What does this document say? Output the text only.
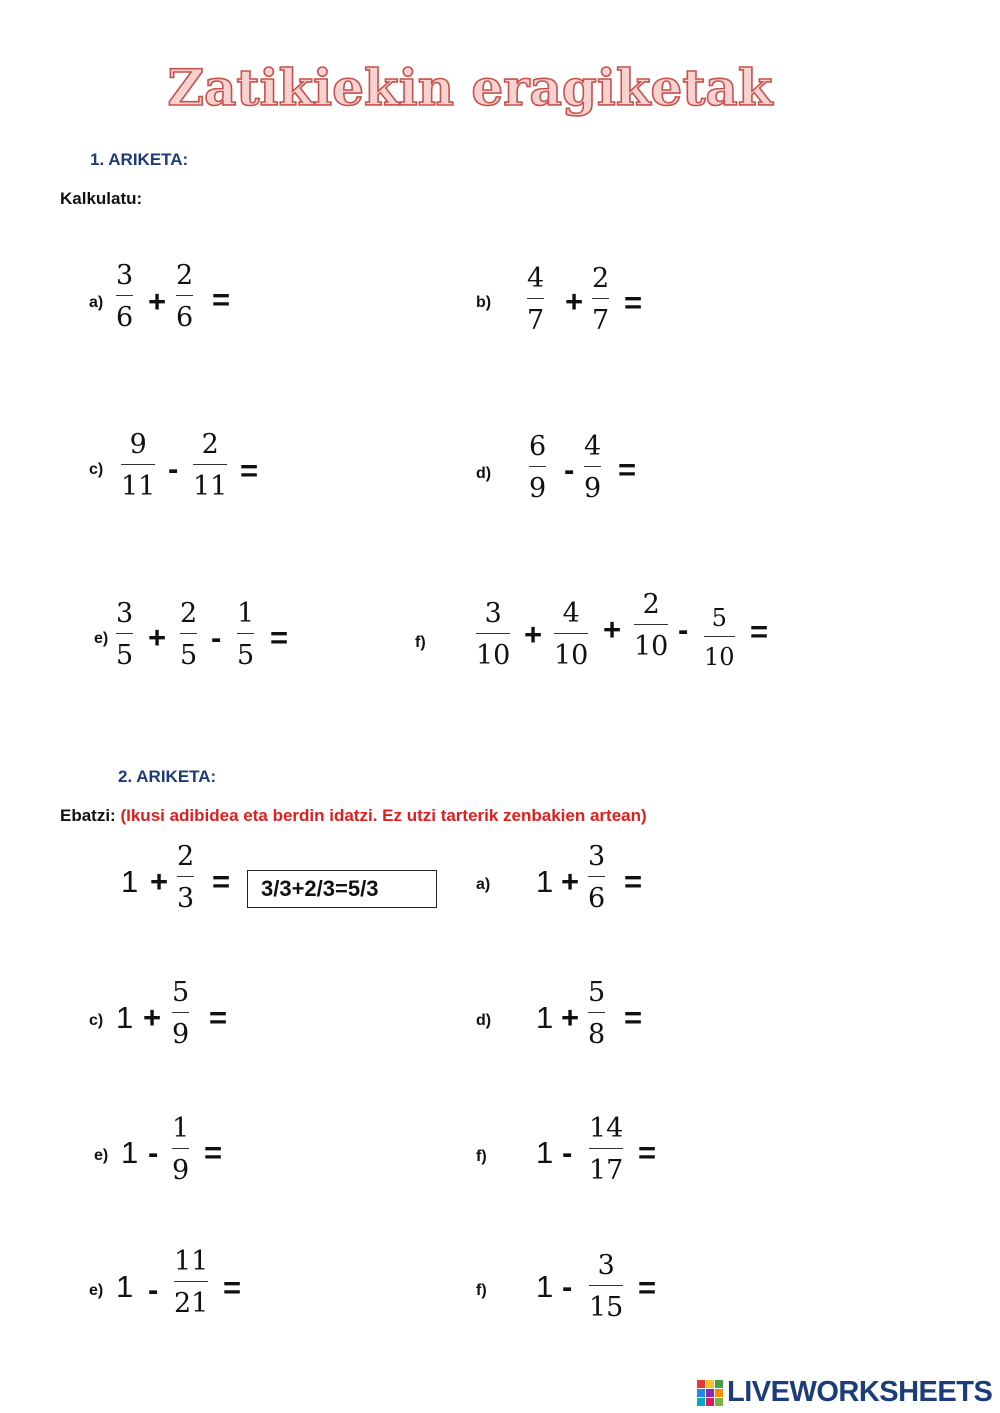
Zatikiekin eragiketak
1. ARIKETA:
Kalkulatu:
a)
3
6 +
2
6
=	b)
4
7
+
2
7
=
c)
9
11
-
2
11 =	d)
6
9
-
4
9
=
e)
3
5
+
2
5
-
1
5
=	f)
3
10
+
4
10
+
2
10 - 5
10
=
2. ARIKETA:
Ebatzi: (Ikusi adibidea eta berdin idatzi. Ez utzi tarterik zenbakien artean)
1 +
2
3 =	3/3+2/3=5/3	a) 1 +
3
6 =
c) 1 +
5
9 =	d) 1 +
5
8 =
e) 1 -
1
9
=	f) 1 -
14
17
=
e) 1 -
11
21 =	f) 1 -
3
15
=
LIVEWORKSHEETS
